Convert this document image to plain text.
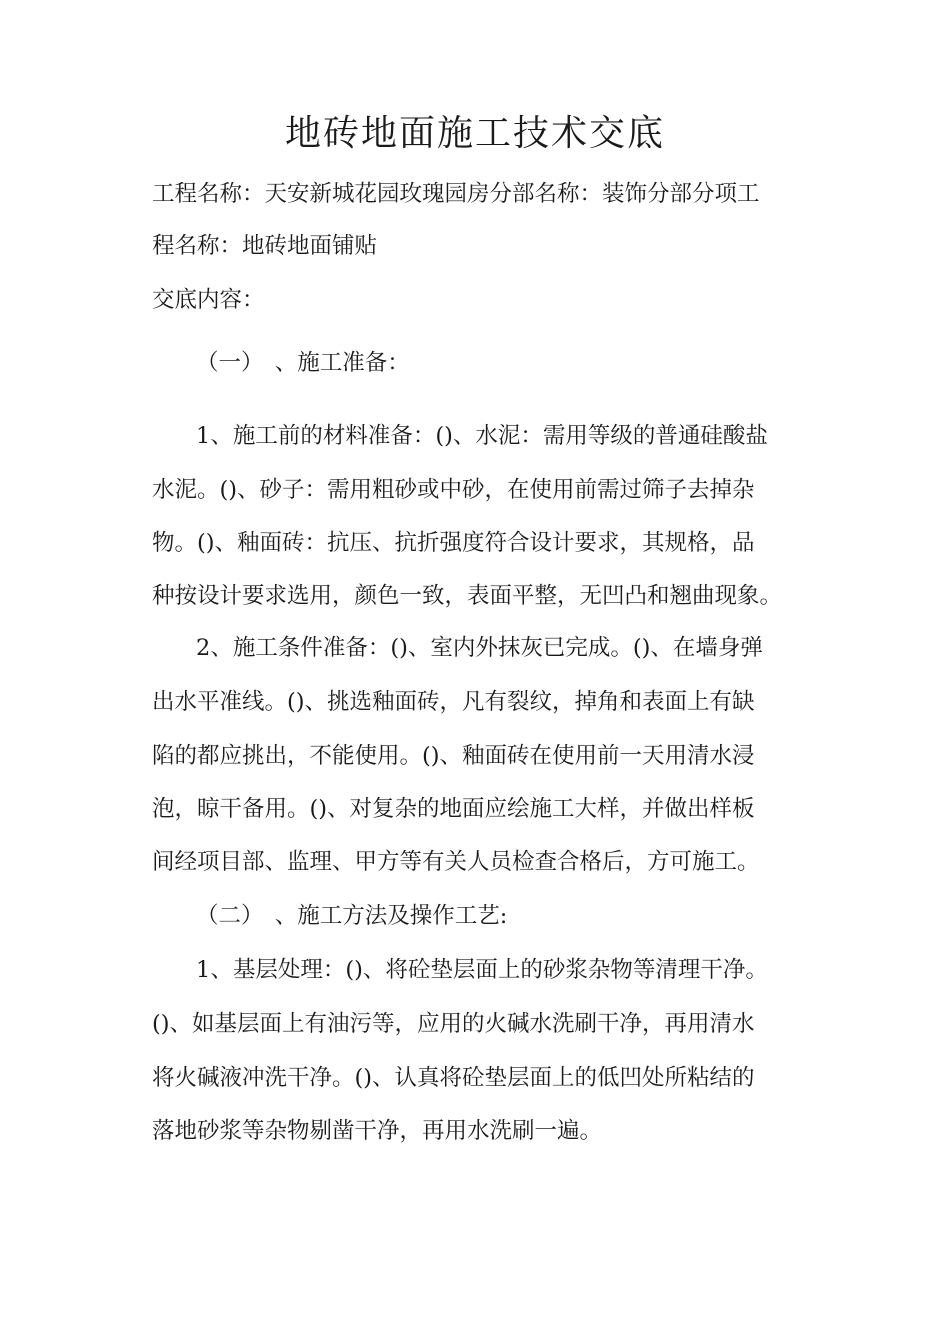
地砖地面施工技术交底

工程名称：天安新城花园玫瑰园房分部名称：装饰分部分项工

程名称：地砖地面铺贴

交底内容：

（一）　、施工准备：

1、施工前的材料准备：()、水泥：需用等级的普通硅酸盐

水泥。()、砂子：需用粗砂或中砂，在使用前需过筛子去掉杂

物。()、釉面砖：抗压、抗折强度符合设计要求，其规格，品

种按设计要求选用，颜色一致，表面平整，无凹凸和翘曲现象。

2、施工条件准备：()、室内外抹灰已完成。()、在墙身弹

出水平准线。()、挑选釉面砖，凡有裂纹，掉角和表面上有缺

陷的都应挑出，不能使用。()、釉面砖在使用前一天用清水浸

泡，晾干备用。()、对复杂的地面应绘施工大样，并做出样板

间经项目部、监理、甲方等有关人员检查合格后，方可施工。

（二）　、施工方法及操作工艺:

1、基层处理：()、将砼垫层面上的砂浆杂物等清理干净。

()、如基层面上有油污等，应用的火碱水洗刷干净，再用清水

将火碱液冲洗干净。()、认真将砼垫层面上的低凹处所粘结的

落地砂浆等杂物剔凿干净，再用水洗刷一遍。
